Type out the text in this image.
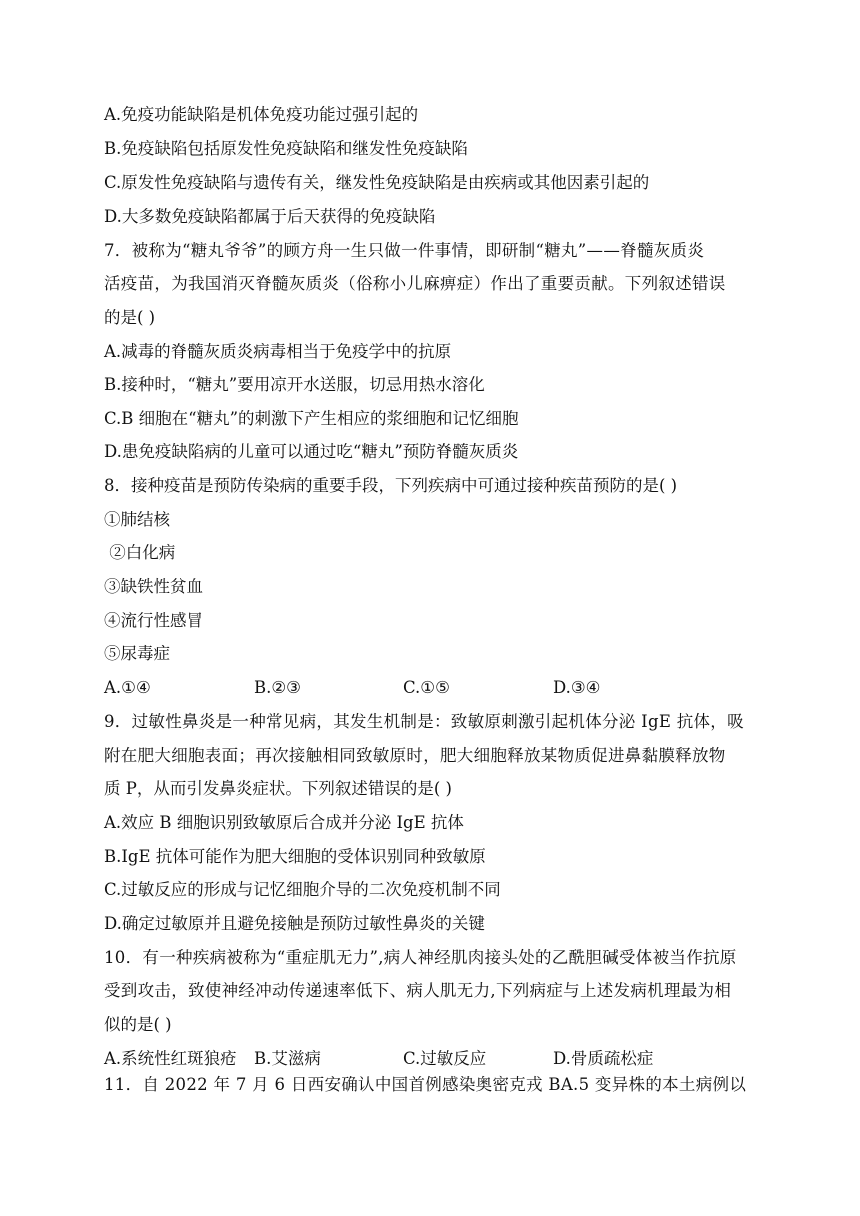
A.免疫功能缺陷是机体免疫功能过强引起的
B.免疫缺陷包括原发性免疫缺陷和继发性免疫缺陷
C.原发性免疫缺陷与遗传有关，继发性免疫缺陷是由疾病或其他因素引起的
D.大多数免疫缺陷都属于后天获得的免疫缺陷
7．被称为“糖丸爷爷”的顾方舟一生只做一件事情，即研制“糖丸”——脊髓灰质炎
活疫苗，为我国消灭脊髓灰质炎（俗称小儿麻痹症）作出了重要贡献。下列叙述错误
的是( )
A.减毒的脊髓灰质炎病毒相当于免疫学中的抗原
B.接种时，“糖丸”要用凉开水送服，切忌用热水溶化
C.B 细胞在“糖丸”的刺激下产生相应的浆细胞和记忆细胞
D.患免疫缺陷病的儿童可以通过吃“糖丸”预防脊髓灰质炎
8．接种疫苗是预防传染病的重要手段，下列疾病中可通过接种疾苗预防的是( )
①肺结核
②白化病
③缺铁性贫血
④流行性感冒
⑤尿毒症
A.①④	B.②③	C.①⑤	D.③④
9．过敏性鼻炎是一种常见病，其发生机制是：致敏原刺激引起机体分泌 IgE 抗体，吸
附在肥大细胞表面；再次接触相同致敏原时，肥大细胞释放某物质促进鼻黏膜释放物
质 P，从而引发鼻炎症状。下列叙述错误的是( )
A.效应 B 细胞识别致敏原后合成并分泌 IgE 抗体
B.IgE 抗体可能作为肥大细胞的受体识别同种致敏原
C.过敏反应的形成与记忆细胞介导的二次免疫机制不同
D.确定过敏原并且避免接触是预防过敏性鼻炎的关键
10．有一种疾病被称为“重症肌无力”,病人神经肌肉接头处的乙酰胆碱受体被当作抗原
受到攻击，致使神经冲动传递速率低下、病人肌无力,下列病症与上述发病机理最为相
似的是( )
A.系统性红斑狼疮 B.艾滋病	C.过敏反应	D.骨质疏松症
11．自 2022 年 7 月 6 日西安确认中国首例感染奥密克戎 BA.5 变异株的本土病例以
